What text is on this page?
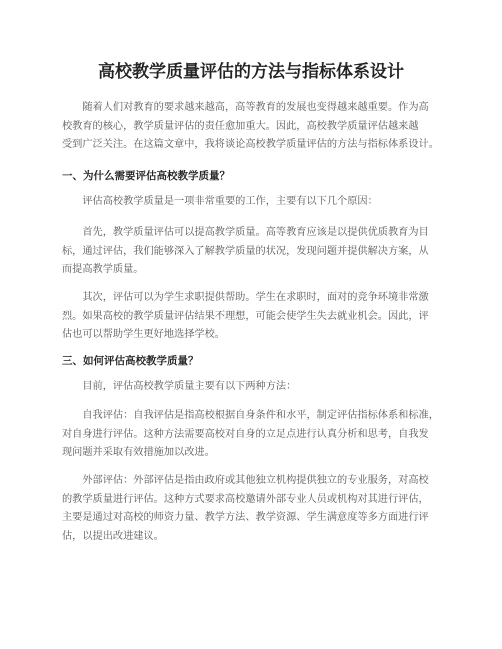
高校教学质量评估的方法与指标体系设计

　　随着人们对教育的要求越来越高，高等教育的发展也变得越来越重要。作为高
校教育的核心，教学质量评估的责任愈加重大。因此，高校教学质量评估越来越
受到广泛关注。在这篇文章中，我将谈论高校教学质量评估的方法与指标体系设计。

一、为什么需要评估高校教学质量？

　　评估高校教学质量是一项非常重要的工作，主要有以下几个原因：

　　首先，教学质量评估可以提高教学质量。高等教育应该是以提供优质教育为目
标，通过评估，我们能够深入了解教学质量的状况，发现问题并提供解决方案，从
而提高教学质量。

　　其次，评估可以为学生求职提供帮助。学生在求职时，面对的竞争环境非常激
烈。如果高校的教学质量评估结果不理想，可能会使学生失去就业机会。因此，评
估也可以帮助学生更好地选择学校。

三、如何评估高校教学质量？

　　目前，评估高校教学质量主要有以下两种方法：

　　自我评估：自我评估是指高校根据自身条件和水平，制定评估指标体系和标准，
对自身进行评估。这种方法需要高校对自身的立足点进行认真分析和思考，自我发
现问题并采取有效措施加以改进。

　　外部评估：外部评估是指由政府或其他独立机构提供独立的专业服务，对高校
的教学质量进行评估。这种方式要求高校邀请外部专业人员或机构对其进行评估，
主要是通过对高校的师资力量、教学方法、教学资源、学生满意度等多方面进行评
估，以提出改进建议。
